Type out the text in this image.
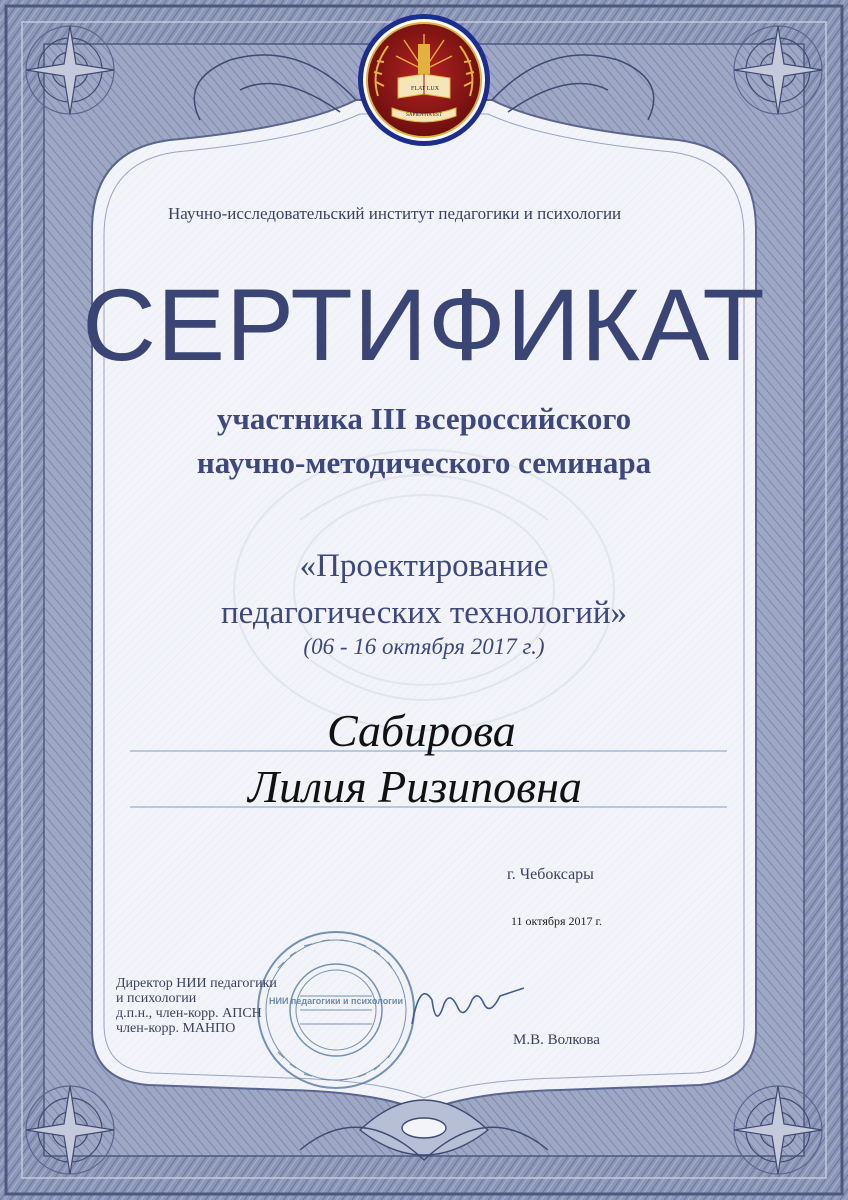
FLAT LUX
SAPIENTIA EST
НИИ педагогики и психологии
Научно-исследовательский институт педагогики и психологии
СЕРТИФИКАТ
участника III всероссийского
научно-методического семинара
«Проектирование
педагогических технологий»
(06 - 16 октября 2017 г.)
Сабирова
Лилия Ризиповна
г. Чебоксары
11 октября 2017 г.
Директор НИИ педагогики
и психологии
д.п.н., член-корр. АПСН
член-корр. МАНПО
М.В. Волкова
